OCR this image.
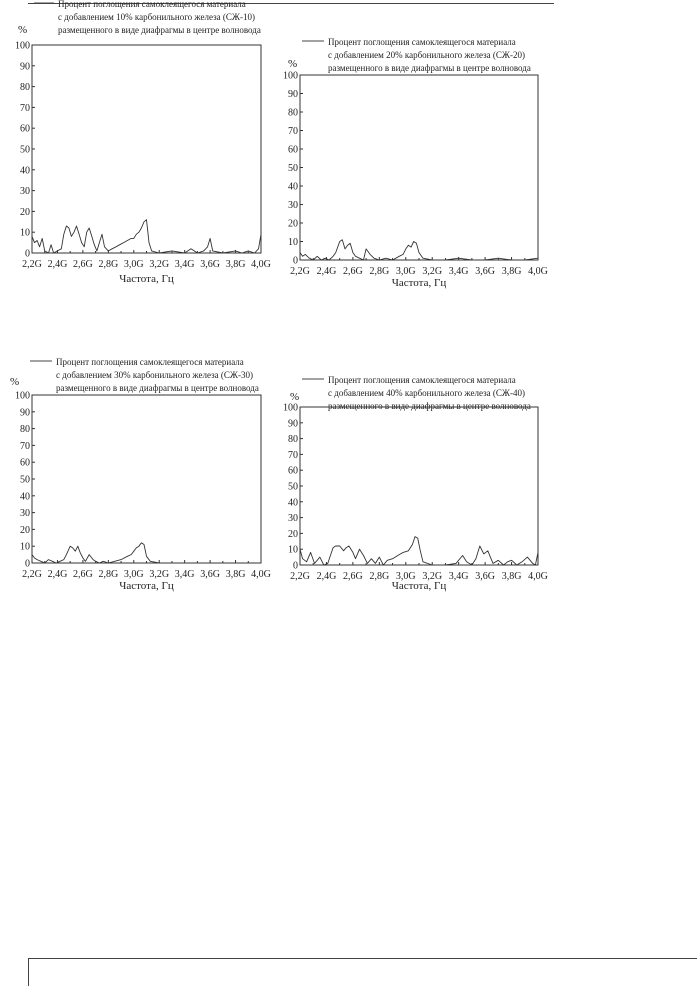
Процент поглощения самоклеящегося материала
с добавлением 10% карбонильного железа (СЖ-10)
размещенного в виде диафрагмы в центре волновода
%
0
10
20
30
40
50
60
70
80
90
100
2,2G 2,4G 2,6G 2,8G 3,0G 3,2G 3,4G 3,6G 3,8G 4,0G
Частота, Гц
Процент поглощения самоклеящегося материала
с добавлением 20% карбонильного железа (СЖ-20)
размещенного в виде диафрагмы в центре волновода
%
0
10
20
30
40
50
60
70
80
90
100
2,2G 2,4G 2,6G 2,8G 3,0G 3,2G 3,4G 3,6G 3,8G 4,0G
Частота, Гц
Процент поглощения самоклеящегося материала
с добавлением 30% карбонильного железа (СЖ-30)
размещенного в виде диафрагмы в центре волновода
%
0
10
20
30
40
50
60
70
80
90
100
2,2G 2,4G 2,6G 2,8G 3,0G 3,2G 3,4G 3,6G 3,8G 4,0G
Частота, Гц
Процент поглощения самоклеящегося материала
с добавлением 40% карбонильного железа (СЖ-40)
размещенного в виде диафрагмы в центре волновода
%
0
10
20
30
40
50
60
70
80
90
100
2,2G 2,4G 2,6G 2,8G 3,0G 3,2G 3,4G 3,6G 3,8G 4,0G
Частота, Гц
